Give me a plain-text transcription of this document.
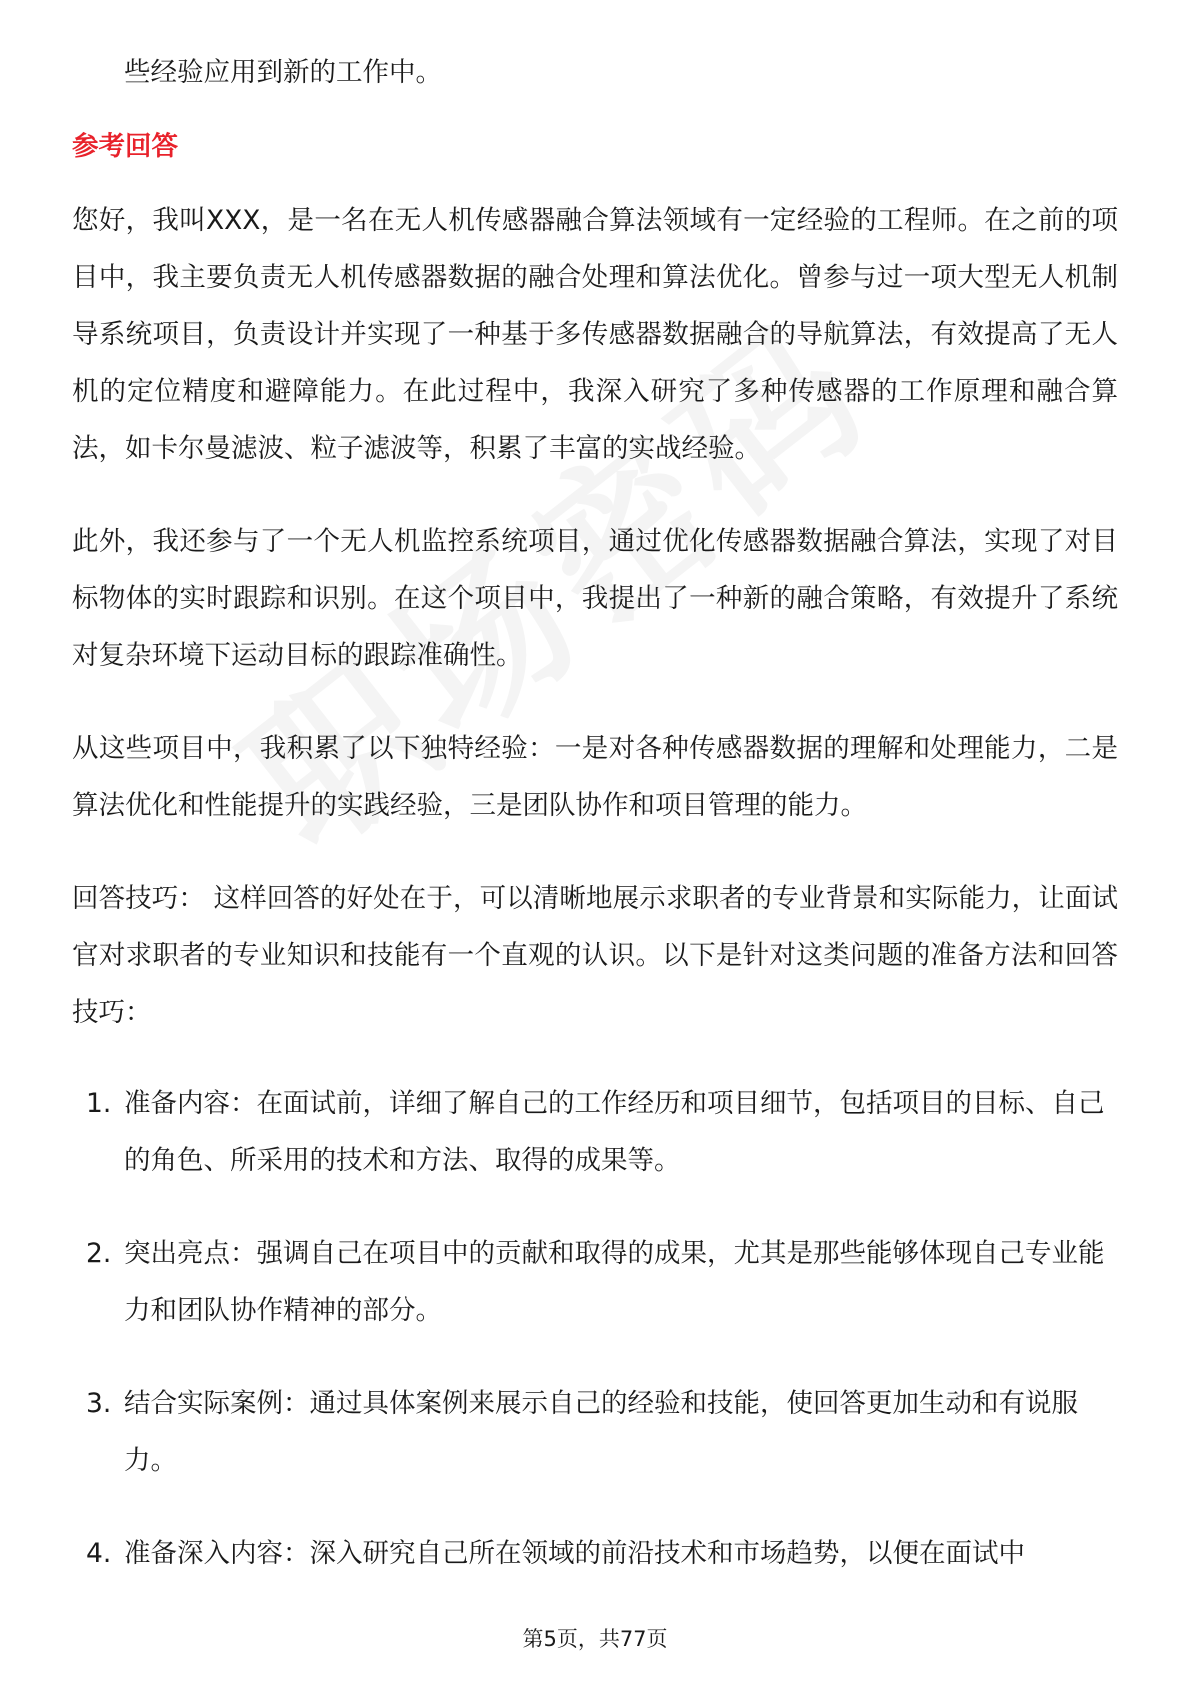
些经验应用到新的工作中。

参考回答

您好，我叫XXX，是一名在无人机传感器融合算法领域有一定经验的工程师。在之前的项目中，我主要负责无人机传感器数据的融合处理和算法优化。曾参与过一项大型无人机制导系统项目，负责设计并实现了一种基于多传感器数据融合的导航算法，有效提高了无人机的定位精度和避障能力。在此过程中，我深入研究了多种传感器的工作原理和融合算法，如卡尔曼滤波、粒子滤波等，积累了丰富的实战经验。

此外，我还参与了一个无人机监控系统项目，通过优化传感器数据融合算法，实现了对目标物体的实时跟踪和识别。在这个项目中，我提出了一种新的融合策略，有效提升了系统对复杂环境下运动目标的跟踪准确性。

从这些项目中，我积累了以下独特经验：一是对各种传感器数据的理解和处理能力，二是算法优化和性能提升的实践经验，三是团队协作和项目管理的能力。

回答技巧： 这样回答的好处在于，可以清晰地展示求职者的专业背景和实际能力，让面试官对求职者的专业知识和技能有一个直观的认识。以下是针对这类问题的准备方法和回答技巧：

1. 准备内容：在面试前，详细了解自己的工作经历和项目细节，包括项目的目标、自己的角色、所采用的技术和方法、取得的成果等。
2. 突出亮点：强调自己在项目中的贡献和取得的成果，尤其是那些能够体现自己专业能力和团队协作精神的部分。
3. 结合实际案例：通过具体案例来展示自己的经验和技能，使回答更加生动和有说服力。
4. 准备深入内容：深入研究自己所在领域的前沿技术和市场趋势，以便在面试中
第5页，共77页
